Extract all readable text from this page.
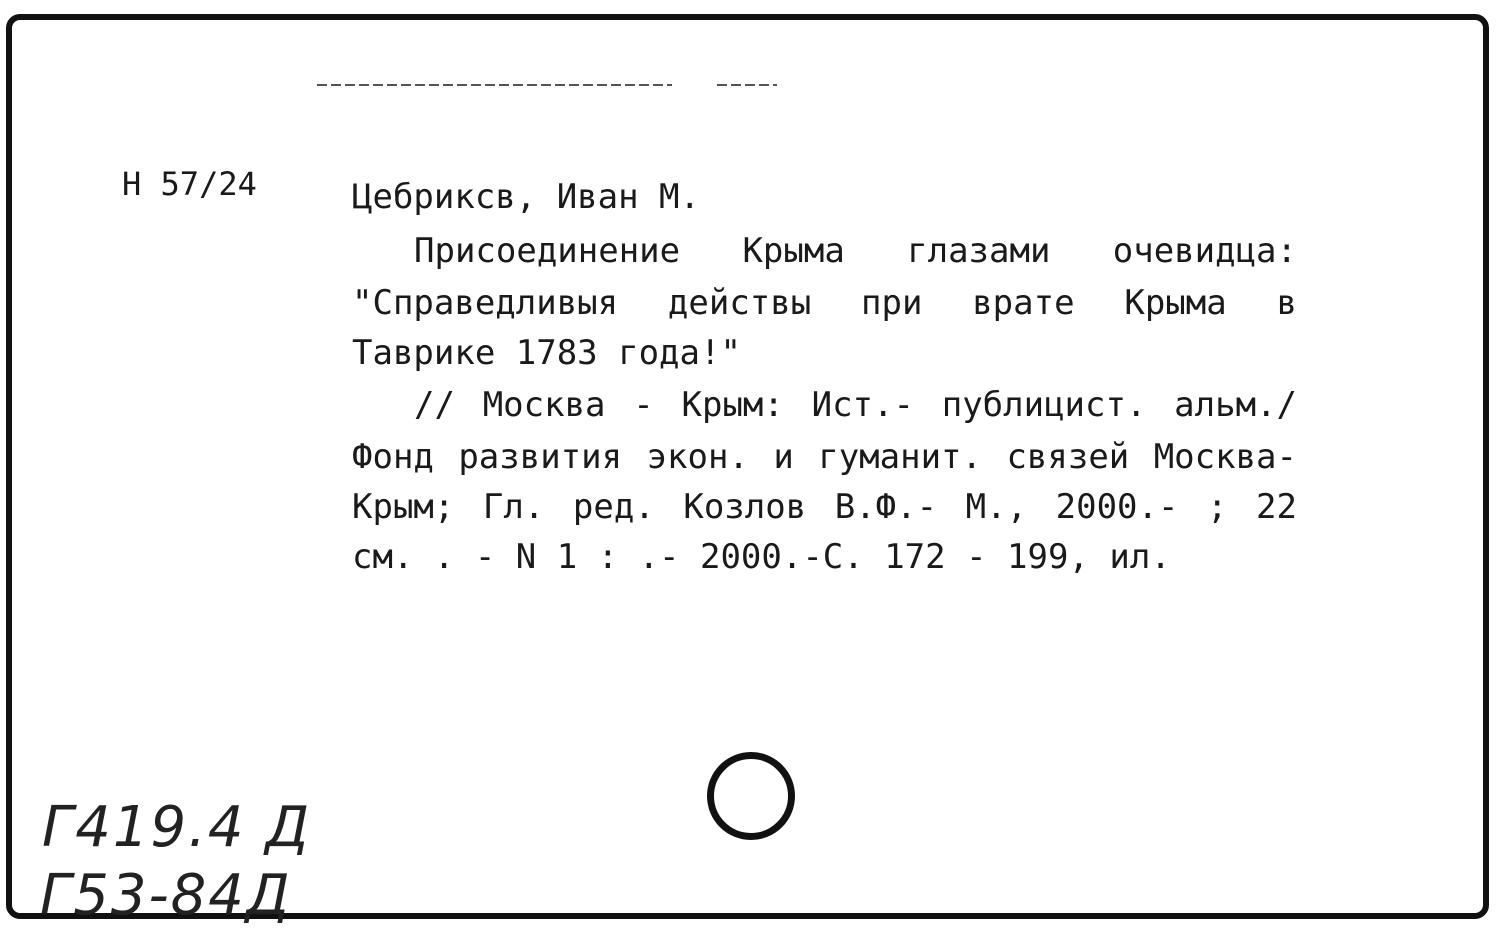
Н 57/24	Цебриксв, Иван М.
Присоединение Крыма глазами очевидца:
"Справедливыя действы при врате Крыма в
Таврике 1783 года!"
// Москва - Крым: Ист.- публицист. альм./
Фонд развития экон. и гуманит. связей Москва-
Крым; Гл. ред. Козлов В.Ф.- М., 2000.- ; 22
см. . - N 1 : .- 2000.-С. 172 - 199, ил.
Г419.4 Д
Г53-84Д
